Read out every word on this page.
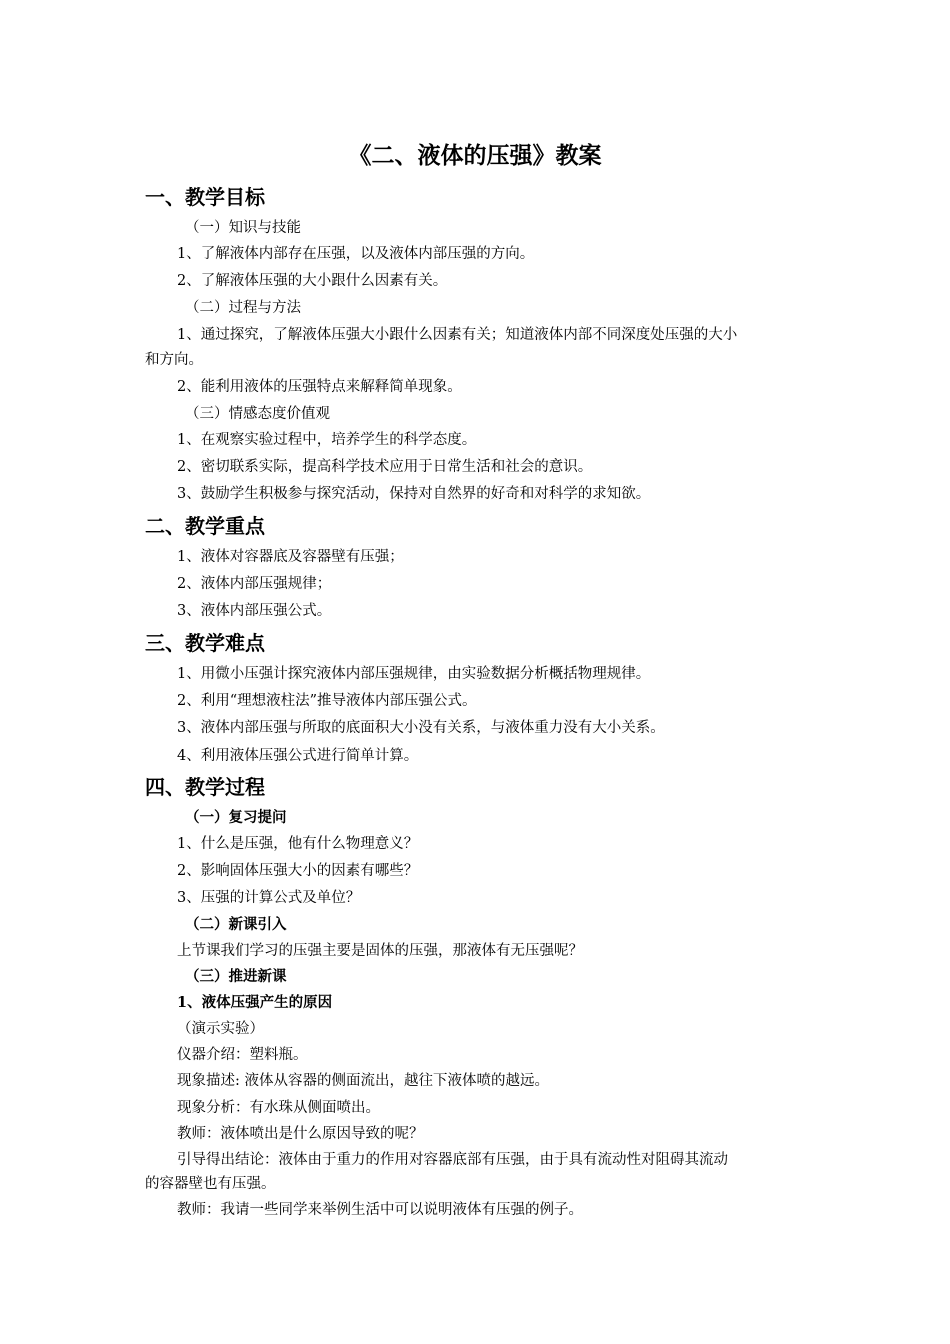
《二、液体的压强》教案
一、教学目标
（一）知识与技能
1、了解液体内部存在压强，以及液体内部压强的方向。
2、了解液体压强的大小跟什么因素有关。
（二）过程与方法
1、通过探究，了解液体压强大小跟什么因素有关；知道液体内部不同深度处压强的大小
和方向。
2、能利用液体的压强特点来解释简单现象。
（三）情感态度价值观
1、在观察实验过程中，培养学生的科学态度。
2、密切联系实际，提高科学技术应用于日常生活和社会的意识。
3、鼓励学生积极参与探究活动，保持对自然界的好奇和对科学的求知欲。
二、教学重点
1、液体对容器底及容器壁有压强；
2、液体内部压强规律；
3、液体内部压强公式。
三、教学难点
1、用微小压强计探究液体内部压强规律，由实验数据分析概括物理规律。
2、利用“理想液柱法”推导液体内部压强公式。
3、液体内部压强与所取的底面积大小没有关系，与液体重力没有大小关系。
4、利用液体压强公式进行简单计算。
四、教学过程
（一）复习提问
1、什么是压强，他有什么物理意义？
2、影响固体压强大小的因素有哪些？
3、压强的计算公式及单位？
（二）新课引入
上节课我们学习的压强主要是固体的压强，那液体有无压强呢？
（三）推进新课
1、液体压强产生的原因
（演示实验）
仪器介绍：塑料瓶。
现象描述: 液体从容器的侧面流出，越往下液体喷的越远。
现象分析：有水珠从侧面喷出。
教师：液体喷出是什么原因导致的呢？
引导得出结论：液体由于重力的作用对容器底部有压强，由于具有流动性对阻碍其流动
的容器壁也有压强。
教师：我请一些同学来举例生活中可以说明液体有压强的例子。
